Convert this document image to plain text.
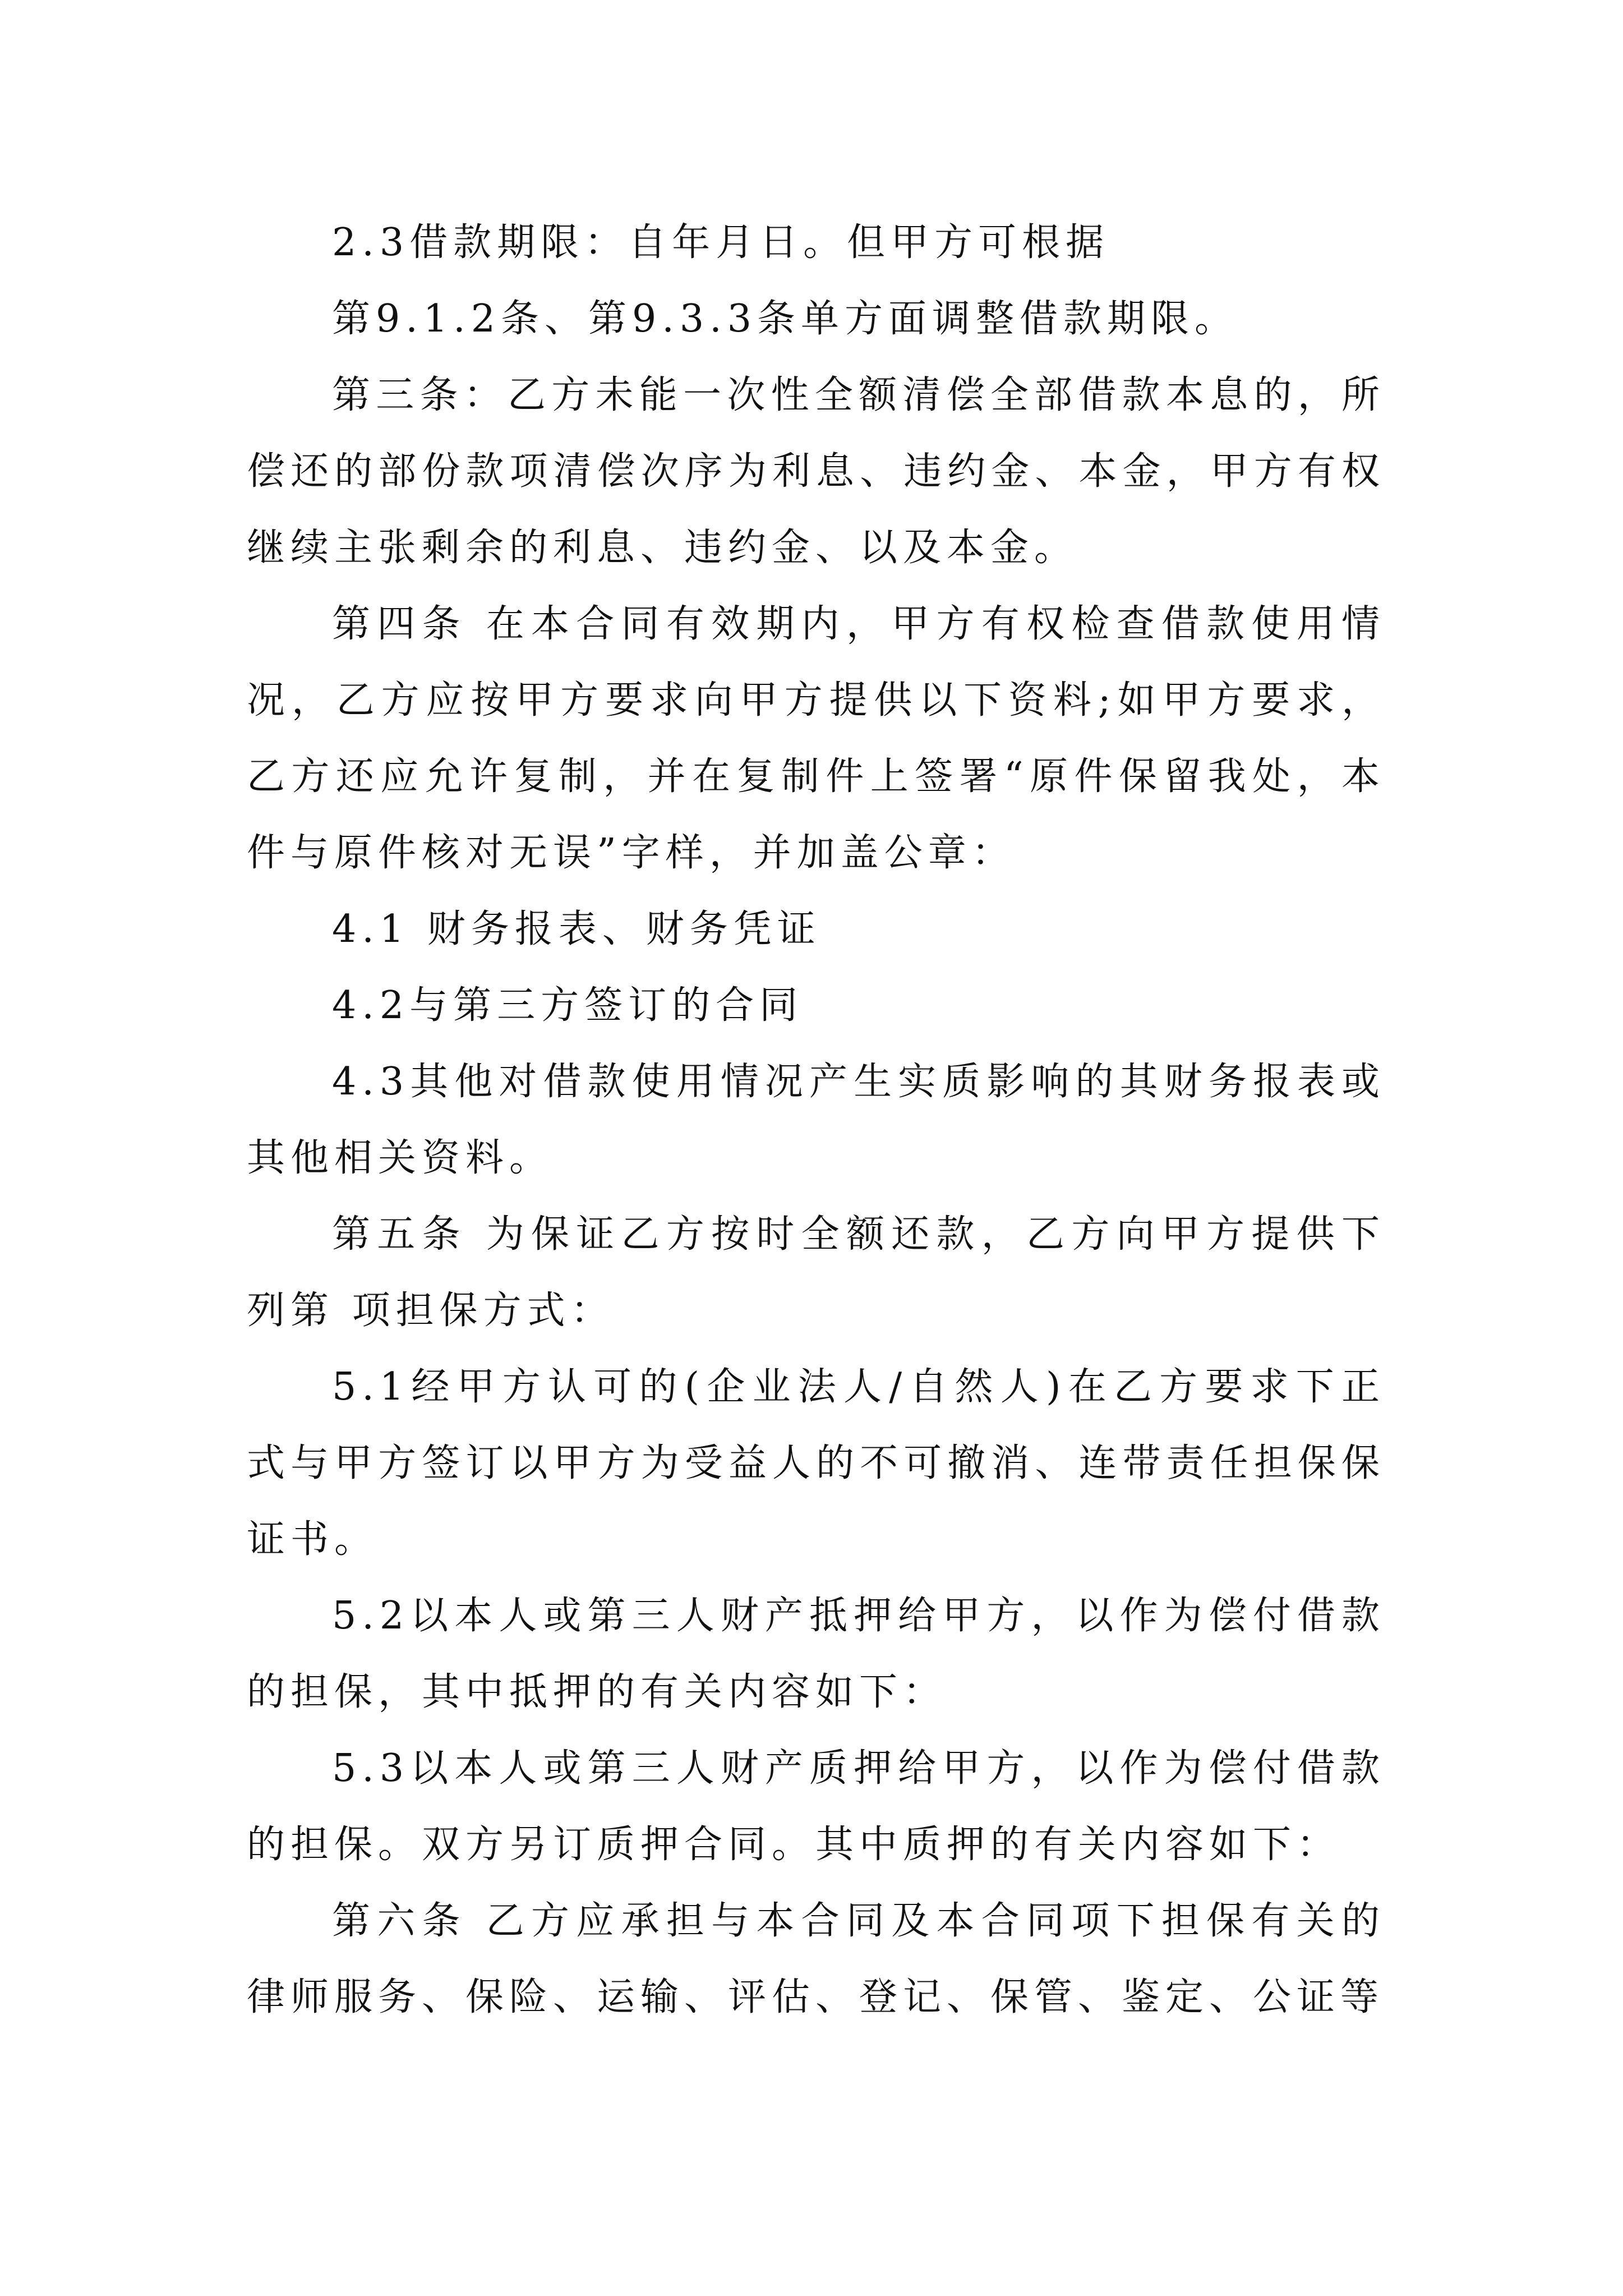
2.3借款期限：自年月日。但甲方可根据

第9.1.2条、第9.3.3条单方面调整借款期限。

第三条：乙方未能一次性全额清偿全部借款本息的，所偿还的部份款项清偿次序为利息、违约金、本金，甲方有权继续主张剩余的利息、违约金、以及本金。

第四条 在本合同有效期内，甲方有权检查借款使用情况，乙方应按甲方要求向甲方提供以下资料;如甲方要求，乙方还应允许复制，并在复制件上签署“原件保留我处，本件与原件核对无误”字样，并加盖公章：

4.1 财务报表、财务凭证

4.2与第三方签订的合同

4.3其他对借款使用情况产生实质影响的其财务报表或其他相关资料。

第五条 为保证乙方按时全额还款，乙方向甲方提供下列第 项担保方式：

5.1经甲方认可的(企业法人/自然人)在乙方要求下正式与甲方签订以甲方为受益人的不可撤消、连带责任担保保证书。

5.2以本人或第三人财产抵押给甲方，以作为偿付借款的担保，其中抵押的有关内容如下：

5.3以本人或第三人财产质押给甲方，以作为偿付借款的担保。双方另订质押合同。其中质押的有关内容如下：

第六条 乙方应承担与本合同及本合同项下担保有关的律师服务、保险、运输、评估、登记、保管、鉴定、公证等
